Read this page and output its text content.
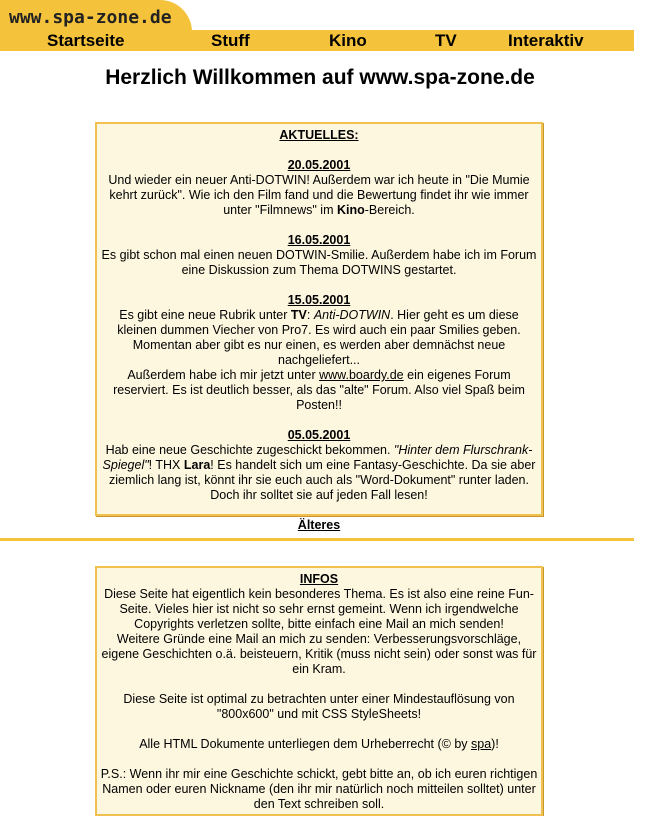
www.spa-zone.de

Startseite	Stuff	Kino	TV	Interaktiv
Herzlich Willkommen auf www.spa-zone.de
AKTUELLES:
20.05.2001

Und wieder ein neuer Anti-DOTWIN! Außerdem war ich heute in "Die Mumie kehrt zurück". Wie ich den Film fand und die Bewertung findet ihr wie immer unter "Filmnews" im Kino-Bereich.

16.05.2001

Es gibt schon mal einen neuen DOTWIN-Smilie. Außerdem habe ich im Forum eine Diskussion zum Thema DOTWINS gestartet.

15.05.2001

Es gibt eine neue Rubrik unter TV: Anti-DOTWIN. Hier geht es um diese kleinen dummen Viecher von Pro7. Es wird auch ein paar Smilies geben. Momentan aber gibt es nur einen, es werden aber demnächst neue nachgeliefert...
Außerdem habe ich mir jetzt unter www.boardy.de ein eigenes Forum reserviert. Es ist deutlich besser, als das "alte" Forum. Also viel Spaß beim Posten!!

05.05.2001

Hab eine neue Geschichte zugeschickt bekommen. "Hinter dem Flurschrank-Spiegel"! THX Lara! Es handelt sich um eine Fantasy-Geschichte. Da sie aber ziemlich lang ist, könnt ihr sie euch auch als "Word-Dokument" runter laden. Doch ihr solltet sie auf jeden Fall lesen!

Älteres
INFOS

Diese Seite hat eigentlich kein besonderes Thema. Es ist also eine reine Fun-Seite. Vieles hier ist nicht so sehr ernst gemeint. Wenn ich irgendwelche Copyrights verletzen sollte, bitte einfach eine Mail an mich senden!
Weitere Gründe eine Mail an mich zu senden: Verbesserungsvorschläge, eigene Geschichten o.ä. beisteuern, Kritik (muss nicht sein) oder sonst was für ein Kram.

Diese Seite ist optimal zu betrachten unter einer Mindestauflösung von "800x600" und mit CSS StyleSheets!

Alle HTML Dokumente unterliegen dem Urheberrecht (© by spa)!

P.S.: Wenn ihr mir eine Geschichte schickt, gebt bitte an, ob ich euren richtigen Namen oder euren Nickname (den ihr mir natürlich noch mitteilen solltet) unter den Text schreiben soll.
